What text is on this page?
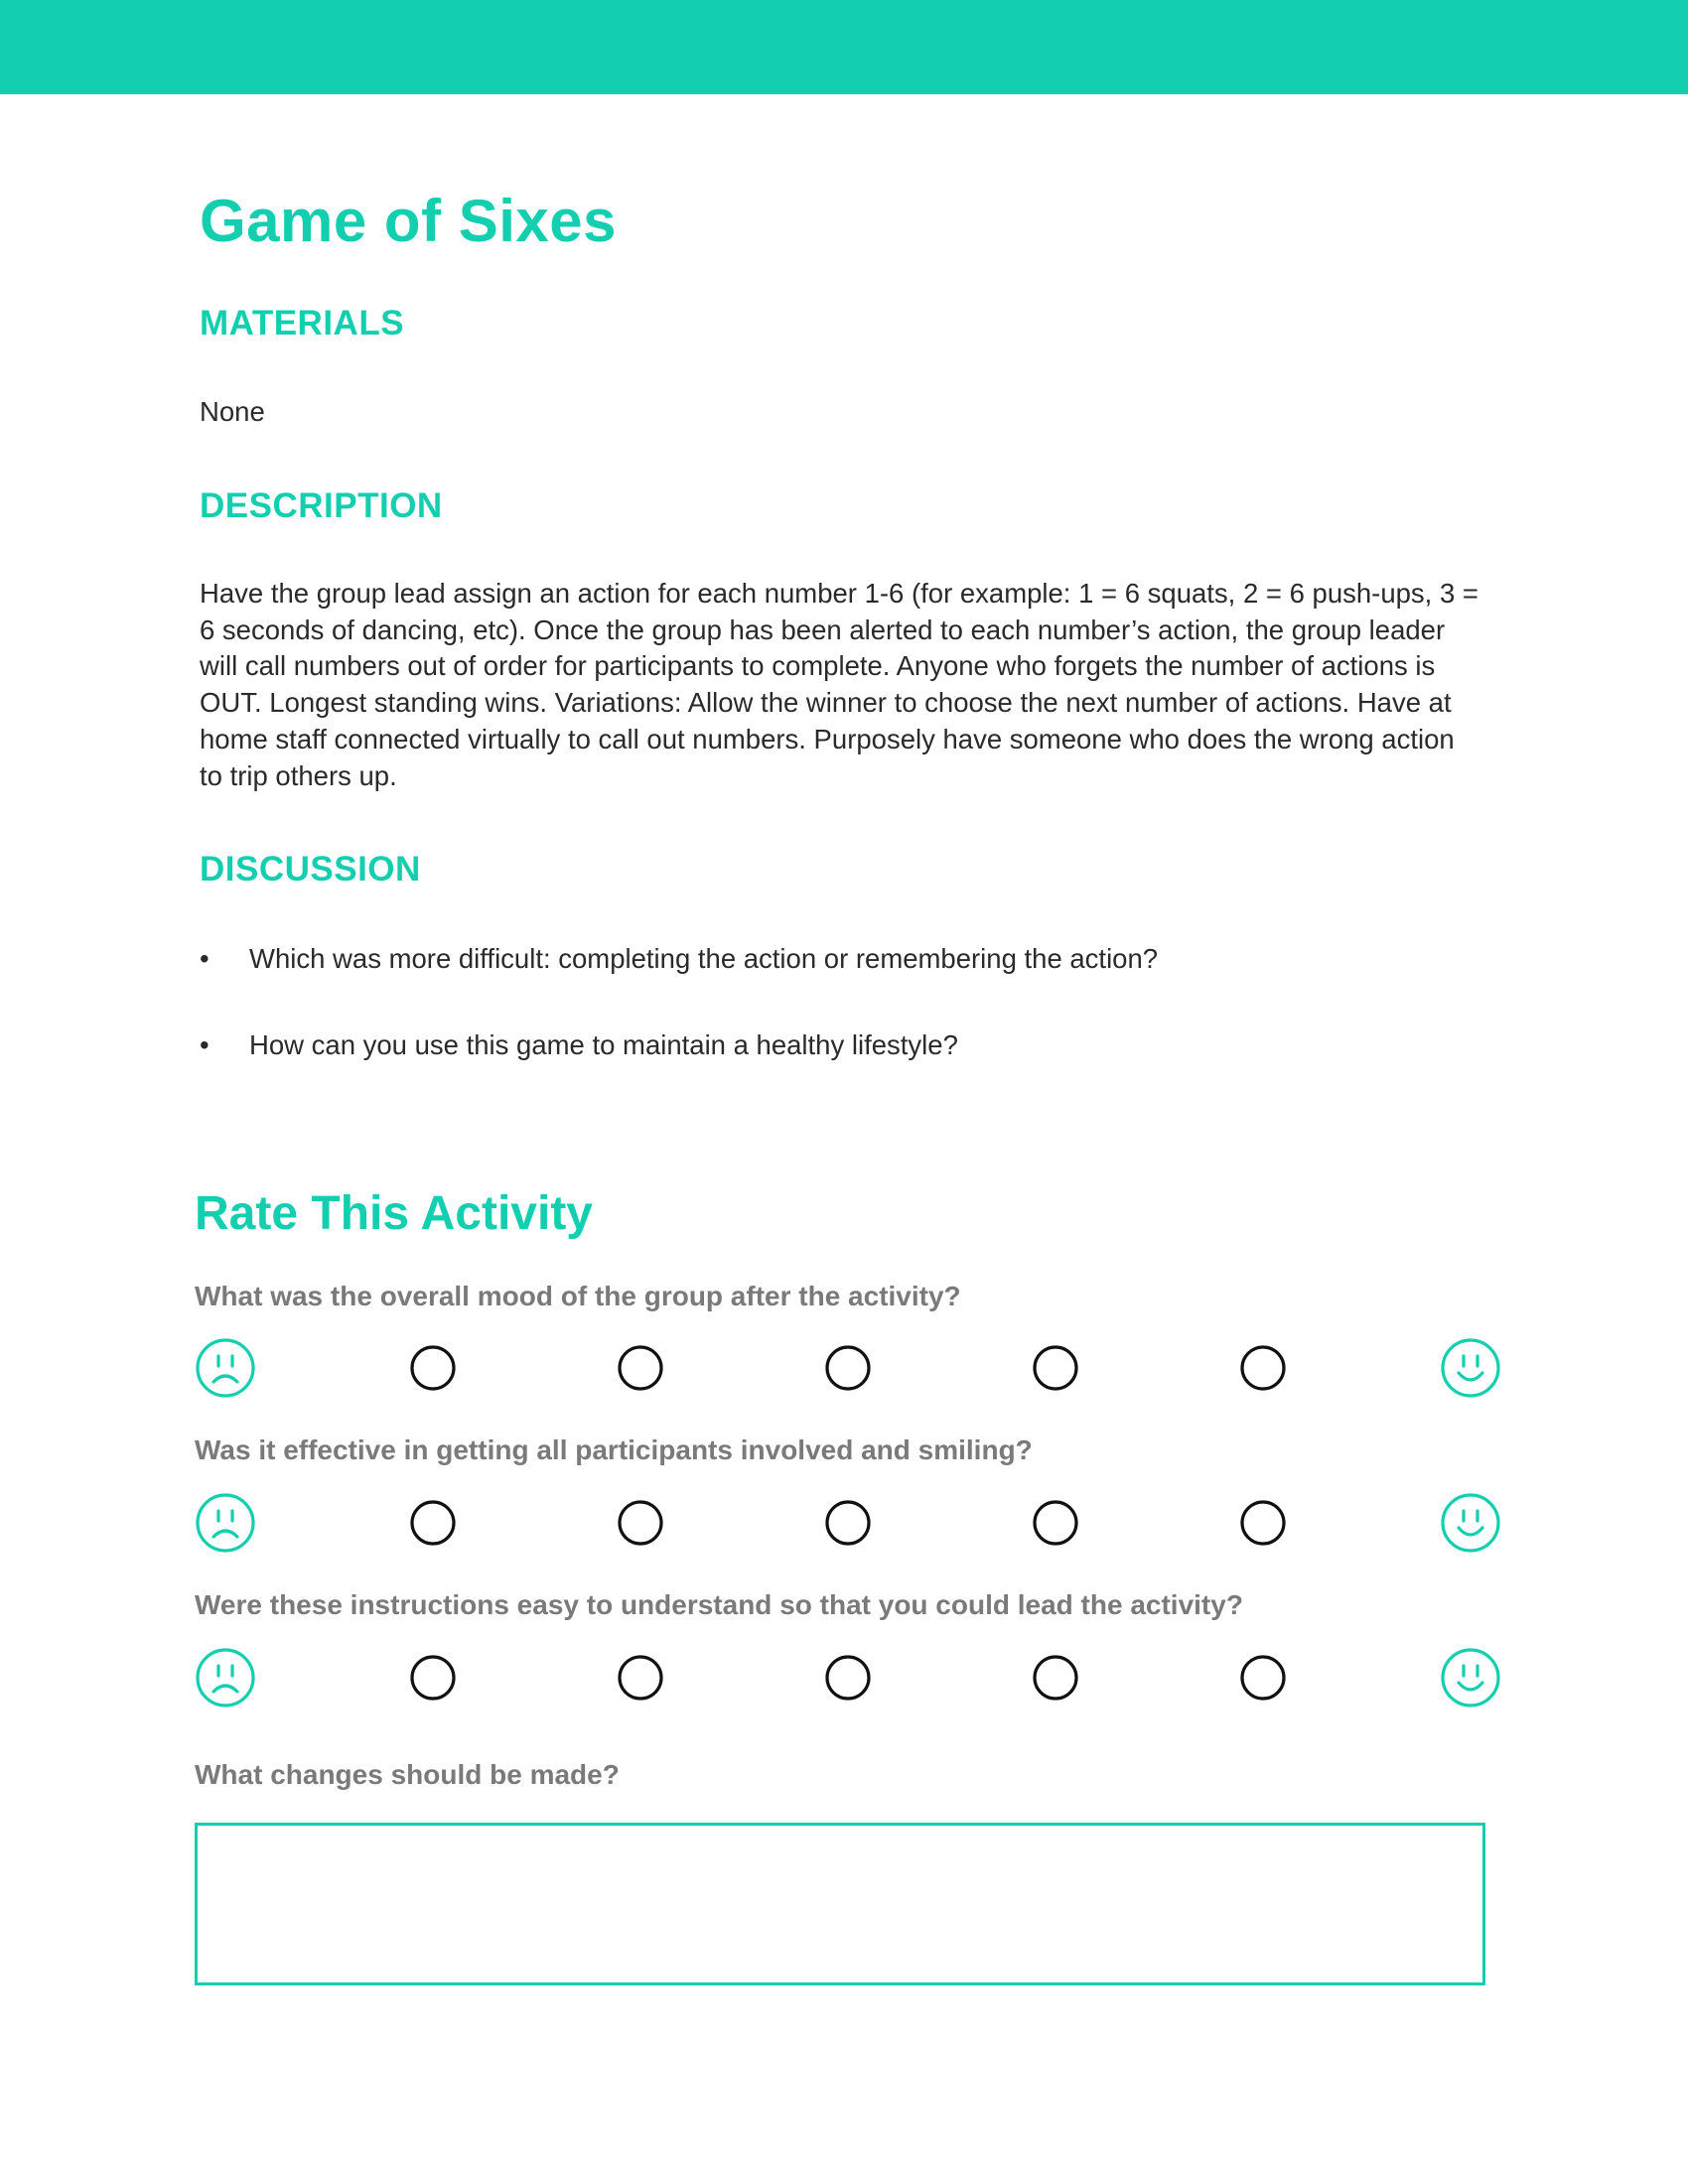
Game of Sixes
MATERIALS

None

DESCRIPTION

Have the group lead assign an action for each number 1-6 (for example: 1 = 6 squats, 2 = 6 push-ups, 3 = 6 seconds of dancing, etc). Once the group has been alerted to each number’s action, the group leader will call numbers out of order for participants to complete. Anyone who forgets the number of actions is OUT. Longest standing wins. Variations: Allow the winner to choose the next number of actions. Have at home staff connected virtually to call out numbers. Purposely have someone who does the wrong action to trip others up.

DISCUSSION
• Which was more difficult: completing the action or remembering the action?
• How can you use this game to maintain a healthy lifestyle?
Rate This Activity

What was the overall mood of the group after the activity?

Was it effective in getting all participants involved and smiling?

Were these instructions easy to understand so that you could lead the activity?

What changes should be made?
